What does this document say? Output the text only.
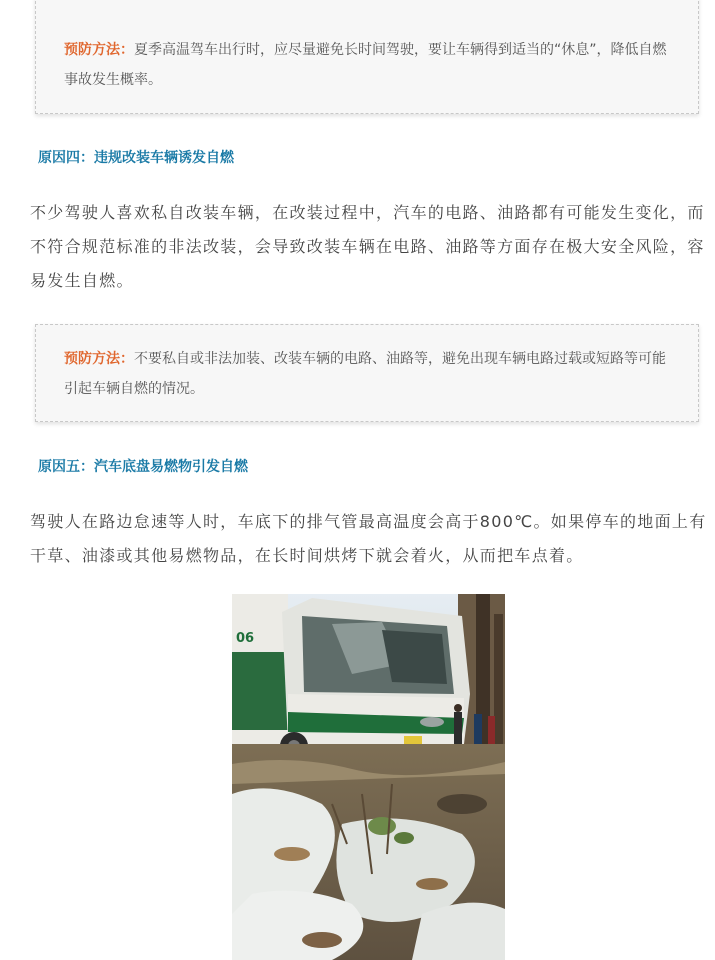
预防方法：夏季高温驾车出行时，应尽量避免长时间驾驶，要让车辆得到适当的“休息”，降低自燃事故发生概率。
原因四：违规改装车辆诱发自燃
不少驾驶人喜欢私自改装车辆，在改装过程中，汽车的电路、油路都有可能发生变化，而不符合规范标准的非法改装，会导致改装车辆在电路、油路等方面存在极大安全风险，容易发生自燃。
预防方法：不要私自或非法加装、改装车辆的电路、油路等，避免出现车辆电路过载或短路等可能引起车辆自燃的情况。
原因五：汽车底盘易燃物引发自燃
驾驶人在路边怠速等人时，车底下的排气管最高温度会高于800℃。如果停车的地面上有干草、油漆或其他易燃物品，在长时间烘烤下就会着火，从而把车点着。
06
